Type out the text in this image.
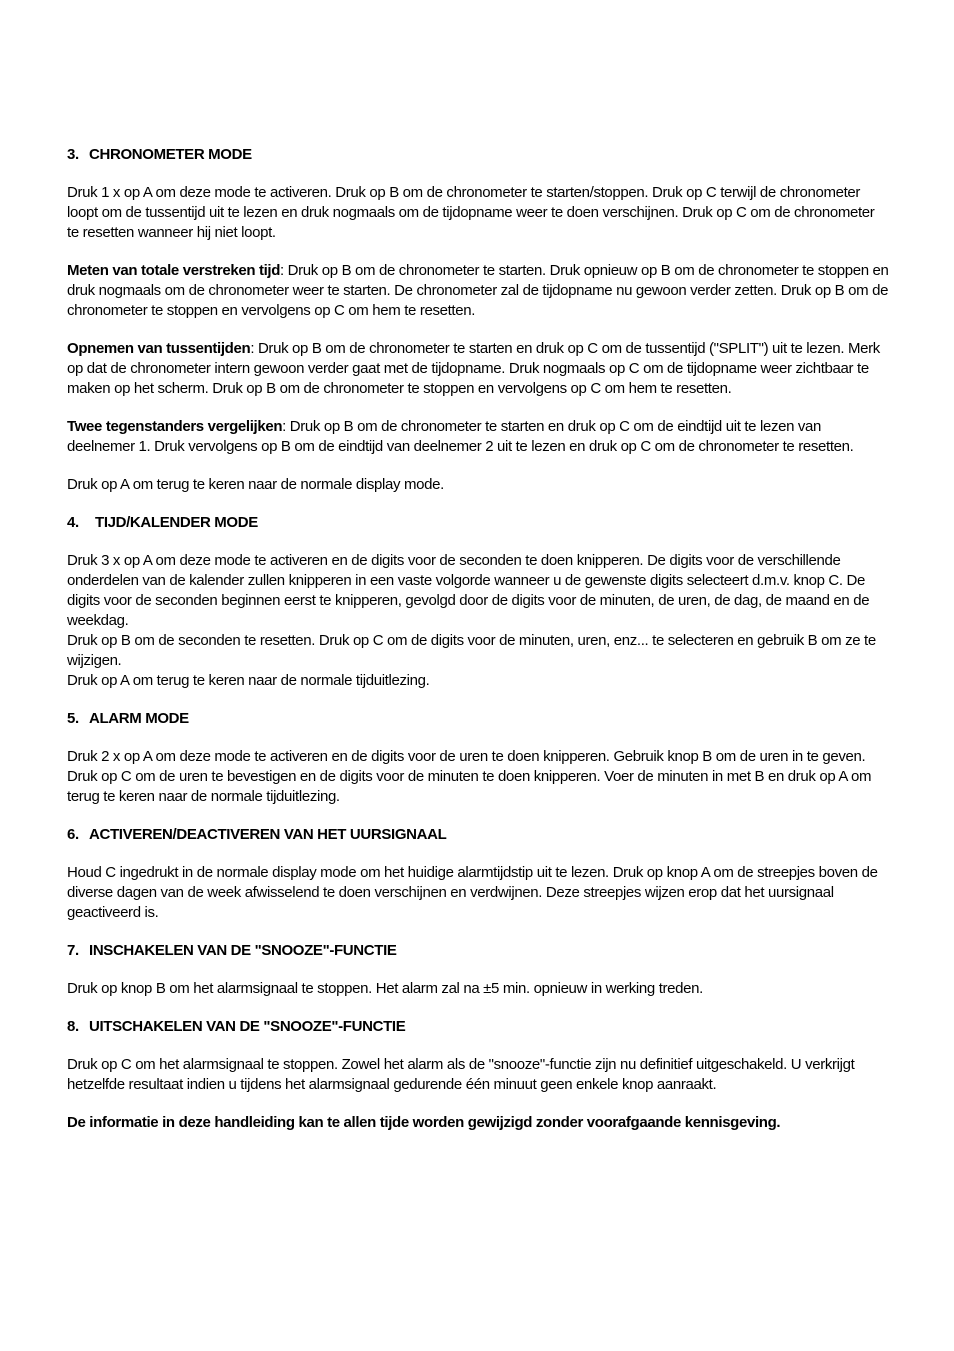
3. CHRONOMETER MODE

Druk 1 x op A om deze mode te activeren. Druk op B om de chronometer te starten/stoppen. Druk op C terwijl de chronometer loopt om de tussentijd uit te lezen en druk nogmaals om de tijdopname weer te doen verschijnen. Druk op C om de chronometer te resetten wanneer hij niet loopt.

Meten van totale verstreken tijd: Druk op B om de chronometer te starten. Druk opnieuw op B om de chronometer te stoppen en druk nogmaals om de chronometer weer te starten. De chronometer zal de tijdopname nu gewoon verder zetten. Druk op B om de chronometer te stoppen en vervolgens op C om hem te resetten.

Opnemen van tussentijden: Druk op B om de chronometer te starten en druk op C om de tussentijd ("SPLIT") uit te lezen. Merk op dat de chronometer intern gewoon verder gaat met de tijdopname. Druk nogmaals op C om de tijdopname weer zichtbaar te maken op het scherm. Druk op B om de chronometer te stoppen en vervolgens op C om hem te resetten.

Twee tegenstanders vergelijken: Druk op B om de chronometer te starten en druk op C om de eindtijd uit te lezen van deelnemer 1. Druk vervolgens op B om de eindtijd van deelnemer 2 uit te lezen en druk op C om de chronometer te resetten.

Druk op A om terug te keren naar de normale display mode.

4. TIJD/KALENDER MODE

Druk 3 x op A om deze mode te activeren en de digits voor de seconden te doen knipperen. De digits voor de verschillende onderdelen van de kalender zullen knipperen in een vaste volgorde wanneer u de gewenste digits selecteert d.m.v. knop C. De digits voor de seconden beginnen eerst te knipperen, gevolgd door de digits voor de minuten, de uren, de dag, de maand en de weekdag.

Druk op B om de seconden te resetten. Druk op C om de digits voor de minuten, uren, enz... te selecteren en gebruik B om ze te wijzigen.

Druk op A om terug te keren naar de normale tijduitlezing.

5. ALARM MODE

Druk 2 x op A om deze mode te activeren en de digits voor de uren te doen knipperen. Gebruik knop B om de uren in te geven. Druk op C om de uren te bevestigen en de digits voor de minuten te doen knipperen. Voer de minuten in met B en druk op A om terug te keren naar de normale tijduitlezing.

6. ACTIVEREN/DEACTIVEREN VAN HET UURSIGNAAL

Houd C ingedrukt in de normale display mode om het huidige alarmtijdstip uit te lezen. Druk op knop A om de streepjes boven de diverse dagen van de week afwisselend te doen verschijnen en verdwijnen. Deze streepjes wijzen erop dat het uursignaal geactiveerd is.

7. INSCHAKELEN VAN DE "SNOOZE"-FUNCTIE

Druk op knop B om het alarmsignaal te stoppen. Het alarm zal na ±5 min. opnieuw in werking treden.

8. UITSCHAKELEN VAN DE "SNOOZE"-FUNCTIE

Druk op C om het alarmsignaal te stoppen. Zowel het alarm als de "snooze"-functie zijn nu definitief uitgeschakeld. U verkrijgt hetzelfde resultaat indien u tijdens het alarmsignaal gedurende één minuut geen enkele knop aanraakt.

De informatie in deze handleiding kan te allen tijde worden gewijzigd zonder voorafgaande kennisgeving.
